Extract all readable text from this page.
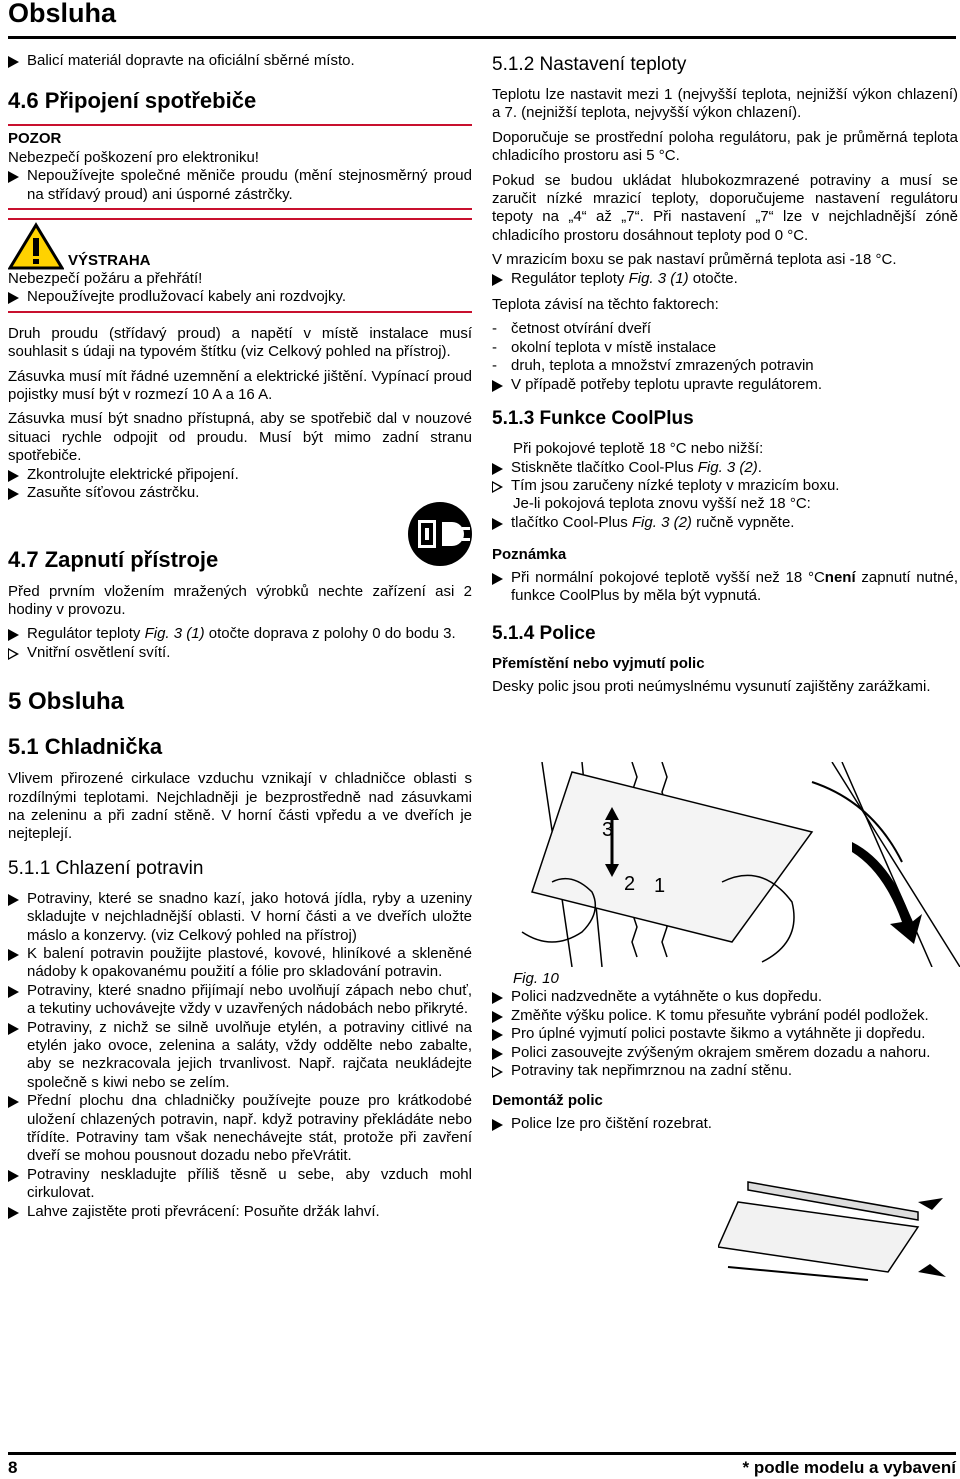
Obsluha
Balicí materiál dopravte na oficiální sběrné místo.
4.6 Připojení spotřebiče
POZOR
Nebezpečí poškození pro elektroniku!
Nepoužívejte společné měniče proudu (mění stejnosměrný proud na střídavý proud) ani úsporné zástrčky.
VÝSTRAHA
Nebezpečí požáru a přehřátí!
Nepoužívejte prodlužovací kabely ani rozdvojky.

Druh proudu (střídavý proud) a napětí v místě instalace musí souhlasit s údaji na typovém štítku (viz Celkový pohled na přístroj).

Zásuvka musí mít řádné uzemnění a elektrické jištění. Vypínací proud pojistky musí být v rozmezí 10 A a 16 A.

Zásuvka musí být snadno přístupná, aby se spotřebič dal v nouzové situaci rychle odpojit od proudu. Musí být mimo zadní stranu spotřebiče.

Zkontrolujte elektrické připojení.
Zasuňte síťovou zástrčku.
4.7 Zapnutí přístroje

Před prvním vložením mražených výrobků nechte zařízení asi 2 hodiny v provozu.

Regulátor teploty Fig. 3 (1) otočte doprava z polohy 0 do bodu 3.
Vnitřní osvětlení svítí.
5 Obsluha
5.1 Chladnička

Vlivem přirozené cirkulace vzduchu vznikají v chladničce oblasti s rozdílnými teplotami. Nejchladněji je bezprostředně nad zásuvkami na zeleninu a při zadní stěně. V horní části vpředu a ve dveřích je nejteplejí.

5.1.1 Chlazení potravin
Potraviny, které se snadno kazí, jako hotová jídla, ryby a uzeniny skladujte v nejchladnější oblasti. V horní části a ve dveřích uložte máslo a konzervy. (viz Celkový pohled na přístroj)
K balení potravin použijte plastové, kovové, hliníkové a skleněné nádoby k opakovanému použití a fólie pro skladování potravin.
Potraviny, které snadno přijímají nebo uvolňují zápach nebo chuť, a tekutiny uchovávejte vždy v uzavřených nádobách nebo přikryté.
Potraviny, z nichž se silně uvolňuje etylén, a potraviny citlivé na etylén jako ovoce, zelenina a saláty, vždy oddělte nebo zabalte, aby se nezkracovala jejich trvanlivost. Např. rajčata neukládejte společně s kiwi nebo se zelím.
Přední plochu dna chladničky používejte pouze pro krátkodobé uložení chlazených potravin, např. když potraviny překládáte nebo třídíte. Potraviny tam však nenechávejte stát, protože při zavření dveří se mohou pousnout dozadu nebo přeVrátit.
Potraviny neskladujte příliš těsně u sebe, aby vzduch mohl cirkulovat.
Lahve zajistěte proti převrácení: Posuňte držák lahví.
5.1.2 Nastavení teploty

Teplotu lze nastavit mezi 1 (nejvyšší teplota, nejnižší výkon chlazení) a 7. (nejnižší teplota, nejvyšší výkon chlazení).

Doporučuje se prostřední poloha regulátoru, pak je průměrná teplota chladicího prostoru asi 5 °C.

Pokud se budou ukládat hlubokozmrazené potraviny a musí se zaručit nízké mrazicí teploty, doporučujeme nastavení regulátoru tepoty na „4“ až „7“. Při nastavení „7“ lze v nejchladnější zóně chladicího prostoru dosáhnout teploty pod 0 °C.

V mrazicím boxu se pak nastaví průměrná teplota asi -18 °C.

Regulátor teploty Fig. 3 (1) otočte.

Teplota závisí na těchto faktorech:

- četnost otvírání dveří
- okolní teplota v místě instalace
- druh, teplota a množství zmrazených potravin
V případě potřeby teplotu upravte regulátorem.
5.1.3 Funkce CoolPlus
Při pokojové teplotě 18 °C nebo nižší:
Stiskněte tlačítko Cool-Plus Fig. 3 (2).
Tím jsou zaručeny nízké teploty v mrazicím boxu.
Je-li pokojová teplota znovu vyšší než 18 °C:
tlačítko Cool-Plus Fig. 3 (2) ručně vypněte.
Poznámka
Při normální pokojové teplotě vyšší než 18 °Cnení zapnutí nutné, funkce CoolPlus by měla být vypnutá.
5.1.4 Police
Přemístění nebo vyjmutí polic

Desky polic jsou proti neúmyslnému vysunutí zajištěny zarážkami.

3
2 1
Fig. 10
Polici nadzvedněte a vytáhněte o kus dopředu.
Změňte výšku police. K tomu přesuňte vybrání podél podložek.
Pro úplné vyjmutí polici postavte šikmo a vytáhněte ji dopředu.
Polici zasouvejte zvýšeným okrajem směrem dozadu a nahoru.
Potraviny tak nepřimrznou na zadní stěnu.
Demontáž polic
Police lze pro čištění rozebrat.
8	* podle modelu a vybavení
